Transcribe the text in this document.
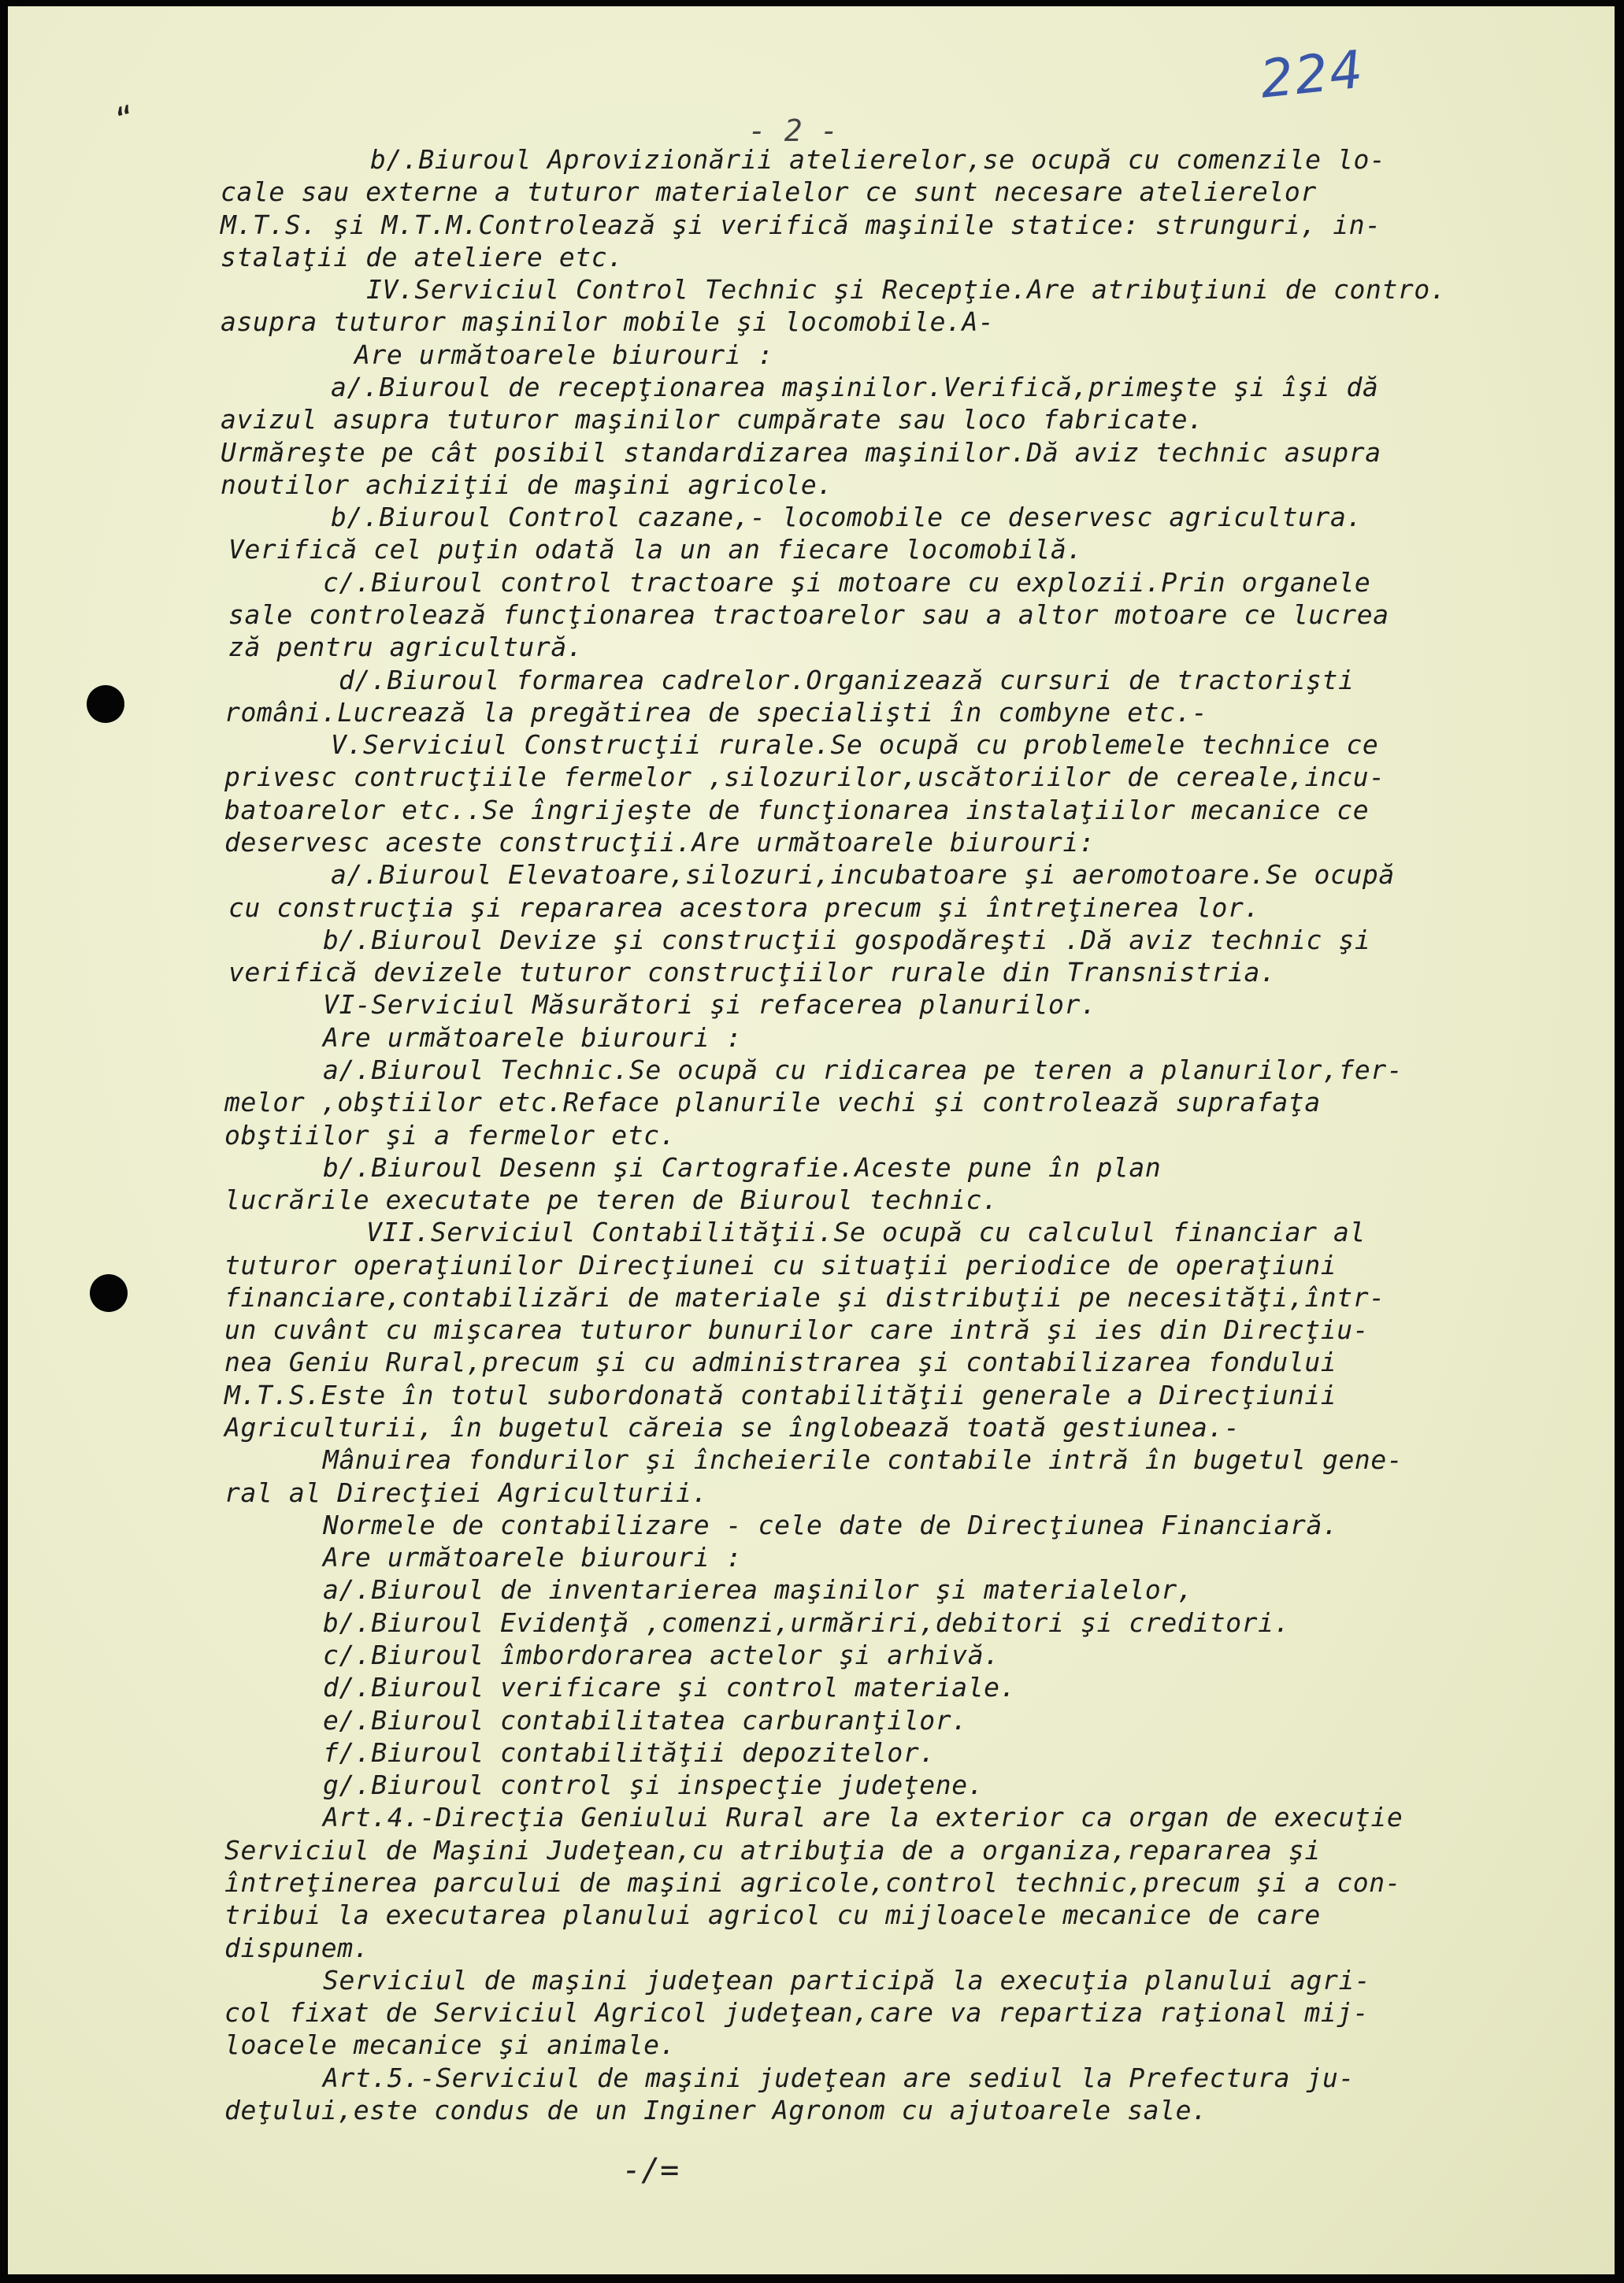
224
“	- 2 -
b/.Biuroul Aprovizionării atelierelor,se ocupă cu comenzile lo-
cale sau externe a tuturor materialelor ce sunt necesare atelierelor
M.T.S. şi M.T.M.Controlează şi verifică maşinile statice: strunguri, in-
stalaţii de ateliere etc.
IV.Serviciul Control Technic şi Recepţie.Are atribuţiuni de contro.
asupra tuturor maşinilor mobile şi locomobile.A-
Are următoarele biurouri :
a/.Biuroul de recepţionarea maşinilor.Verifică,primeşte şi îşi dă
avizul asupra tuturor maşinilor cumpărate sau loco fabricate.
Urmăreşte pe cât posibil standardizarea maşinilor.Dă aviz technic asupra
noutilor achiziţii de maşini agricole.
b/.Biuroul Control cazane,- locomobile ce deservesc agricultura.
Verifică cel puţin odată la un an fiecare locomobilă.
c/.Biuroul control tractoare şi motoare cu explozii.Prin organele
sale controlează funcţionarea tractoarelor sau a altor motoare ce lucrea
ză pentru agricultură.
d/.Biuroul formarea cadrelor.Organizează cursuri de tractorişti
români.Lucrează la pregătirea de specialişti în combyne etc.-
V.Serviciul Construcţii rurale.Se ocupă cu problemele technice ce
privesc contrucţiile fermelor ,silozurilor,uscătoriilor de cereale,incu-
batoarelor etc..Se îngrijeşte de funcţionarea instalaţiilor mecanice ce
deservesc aceste construcţii.Are următoarele biurouri:
a/.Biuroul Elevatoare,silozuri,incubatoare şi aeromotoare.Se ocupă
cu construcţia şi repararea acestora precum şi întreţinerea lor.
b/.Biuroul Devize şi construcţii gospodăreşti .Dă aviz technic şi
verifică devizele tuturor construcţiilor rurale din Transnistria.
VI-Serviciul Măsurători şi refacerea planurilor.
Are următoarele biurouri :
a/.Biuroul Technic.Se ocupă cu ridicarea pe teren a planurilor,fer-
melor ,obştiilor etc.Reface planurile vechi şi controlează suprafaţa
obştiilor şi a fermelor etc.
b/.Biuroul Desenn şi Cartografie.Aceste pune în plan
lucrările executate pe teren de Biuroul technic.
VII.Serviciul Contabilităţii.Se ocupă cu calculul financiar al
tuturor operaţiunilor Direcţiunei cu situaţii periodice de operaţiuni
financiare,contabilizări de materiale şi distribuţii pe necesităţi,într-
un cuvânt cu mişcarea tuturor bunurilor care intră şi ies din Direcţiu-
nea Geniu Rural,precum şi cu administrarea şi contabilizarea fondului
M.T.S.Este în totul subordonată contabilităţii generale a Direcţiunii
Agriculturii, în bugetul căreia se înglobează toată gestiunea.-
Mânuirea fondurilor şi încheierile contabile intră în bugetul gene-
ral al Direcţiei Agriculturii.
Normele de contabilizare - cele date de Direcţiunea Financiară.
Are următoarele biurouri :
a/.Biuroul de inventarierea maşinilor şi materialelor,
b/.Biuroul Evidenţă ,comenzi,urmăriri,debitori şi creditori.
c/.Biuroul îmbordorarea actelor şi arhivă.
d/.Biuroul verificare şi control materiale.
e/.Biuroul contabilitatea carburanţilor.
f/.Biuroul contabilităţii depozitelor.
g/.Biuroul control şi inspecţie judeţene.
Art.4.-Direcţia Geniului Rural are la exterior ca organ de execuţie
Serviciul de Maşini Judeţean,cu atribuţia de a organiza,repararea şi
întreţinerea parcului de maşini agricole,control technic,precum şi a con-
tribui la executarea planului agricol cu mijloacele mecanice de care
dispunem.
Serviciul de maşini judeţean participă la execuţia planului agri-
col fixat de Serviciul Agricol judeţean,care va repartiza raţional mij-
loacele mecanice şi animale.
Art.5.-Serviciul de maşini judeţean are sediul la Prefectura ju-
deţului,este condus de un Inginer Agronom cu ajutoarele sale.
-/=
